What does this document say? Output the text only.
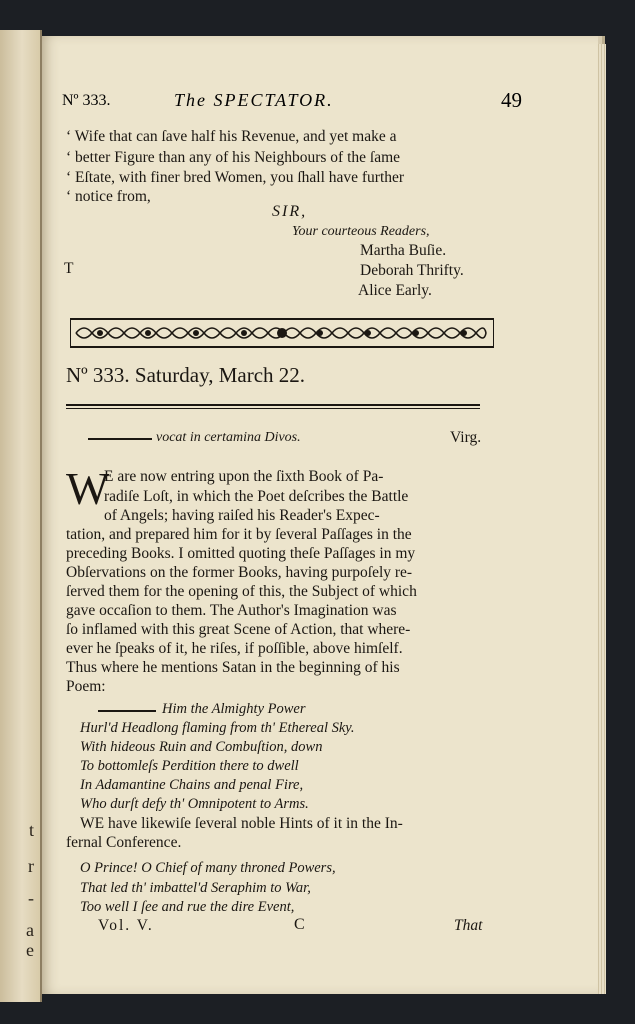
t
r
-
a
e
Nº 333.	The SPECTATOR.	49
‘ Wife that can ſave half his Revenue, and yet make a
‘ better Figure than any of his Neighbours of the ſame
‘ Eſtate, with finer bred Women, you ſhall have further
‘ notice from,
SIR,
Your courteous Readers,
Martha Buſie.
Deborah Thrifty.
Alice Early.
T
Nº 333. Saturday, March 22.
vocat in certamina Divos.	Virg.
W
E are now entring upon the ſixth Book of Pa-
radiſe Loſt, in which the Poet deſcribes the Battle
of Angels; having raiſed his Reader's Expec-
tation, and prepared him for it by ſeveral Paſſages in the
preceding Books. I omitted quoting theſe Paſſages in my
Obſervations on the former Books, having purpoſely re-
ſerved them for the opening of this, the Subject of which
gave occaſion to them. The Author's Imagination was
ſo inflamed with this great Scene of Action, that where-
ever he ſpeaks of it, he riſes, if poſſible, above himſelf.
Thus where he mentions Satan in the beginning of his
Poem:
Him the Almighty Power
Hurl'd Headlong flaming from th' Ethereal Sky.
With hideous Ruin and Combuſtion, down
To bottomleſs Perdition there to dwell
In Adamantine Chains and penal Fire,
Who durſt defy th' Omnipotent to Arms.
WE have likewiſe ſeveral noble Hints of it in the In-
fernal Conference.
O Prince! O Chief of many throned Powers,
That led th' imbattel'd Seraphim to War,
Too well I ſee and rue the dire Event,
Vol. V.	C	That
